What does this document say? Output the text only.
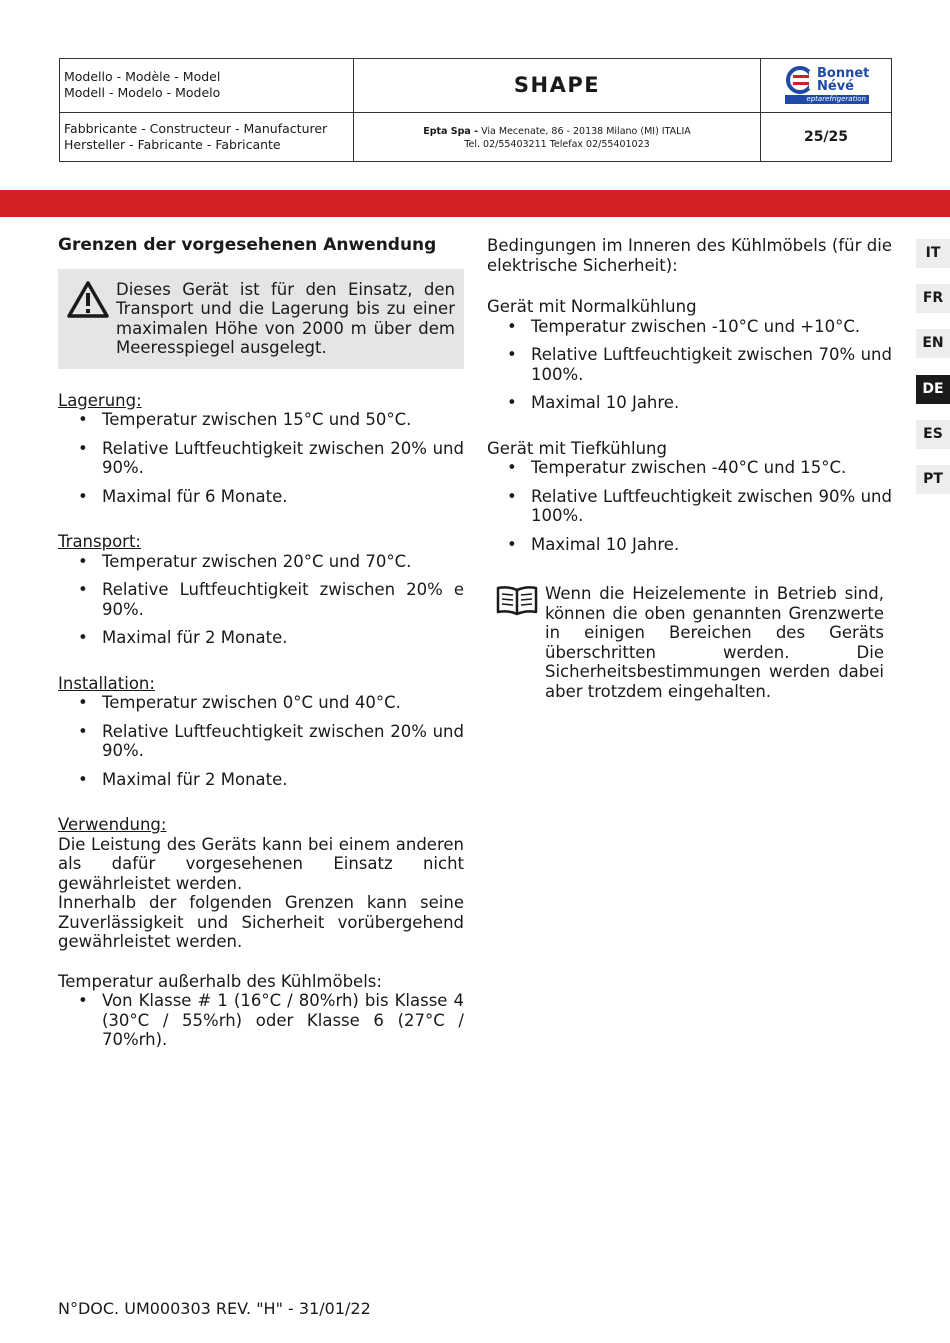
Modello - Modèle - Model
Modell - Modelo - Modelo	SHAPE
Fabbricante - Constructeur - Manufacturer
Hersteller - Fabricante - Fabricante
Epta Spa - Via Mecenate, 86 - 20138 Milano (MI) ITALIA
Tel. 02/55403211 Telefax 02/55401023	25/25
Bonnet
Névé
eptarefrigeration
IT
FR
EN
DE
ES
PT
Grenzen der vorgesehenen Anwendung
Dieses Gerät ist für den Einsatz, den Transport und die Lagerung bis zu einer maximalen Höhe von 2000 m über dem Meeresspiegel ausgelegt.
Lagerung:
• Temperatur zwischen 15°C und 50°C.
• Relative Luftfeuchtigkeit zwischen 20% und 90%.
• Maximal für 6 Monate.
Transport:
• Temperatur zwischen 20°C und 70°C.
• Relative Luftfeuchtigkeit zwischen 20% e 90%.
• Maximal für 2 Monate.
Installation:
• Temperatur zwischen 0°C und 40°C.
• Relative Luftfeuchtigkeit zwischen 20% und 90%.
• Maximal für 2 Monate.
Verwendung:
Die Leistung des Geräts kann bei einem anderen als dafür vorgesehenen Einsatz nicht gewährleistet werden.
Innerhalb der folgenden Grenzen kann seine Zuverlässigkeit und Sicherheit vorübergehend gewährleistet werden.
Temperatur außerhalb des Kühlmöbels:
• Von Klasse # 1 (16°C / 80%rh) bis Klasse 4 (30°C / 55%rh) oder Klasse 6 (27°C / 70%rh).
Bedingungen im Inneren des Kühlmöbels (für die elektrische Sicherheit):
Gerät mit Normalkühlung
• Temperatur zwischen -10°C und +10°C.
• Relative Luftfeuchtigkeit zwischen 70% und 100%.
• Maximal 10 Jahre.
Gerät mit Tiefkühlung
• Temperatur zwischen -40°C und 15°C.
• Relative Luftfeuchtigkeit zwischen 90% und 100%.
• Maximal 10 Jahre.
Wenn die Heizelemente in Betrieb sind, können die oben genannten Grenzwerte in einigen Bereichen des Geräts überschritten werden. Die Sicherheitsbestimmungen werden dabei aber trotzdem eingehalten.
N°DOC. UM000303 REV. "H" - 31/01/22
